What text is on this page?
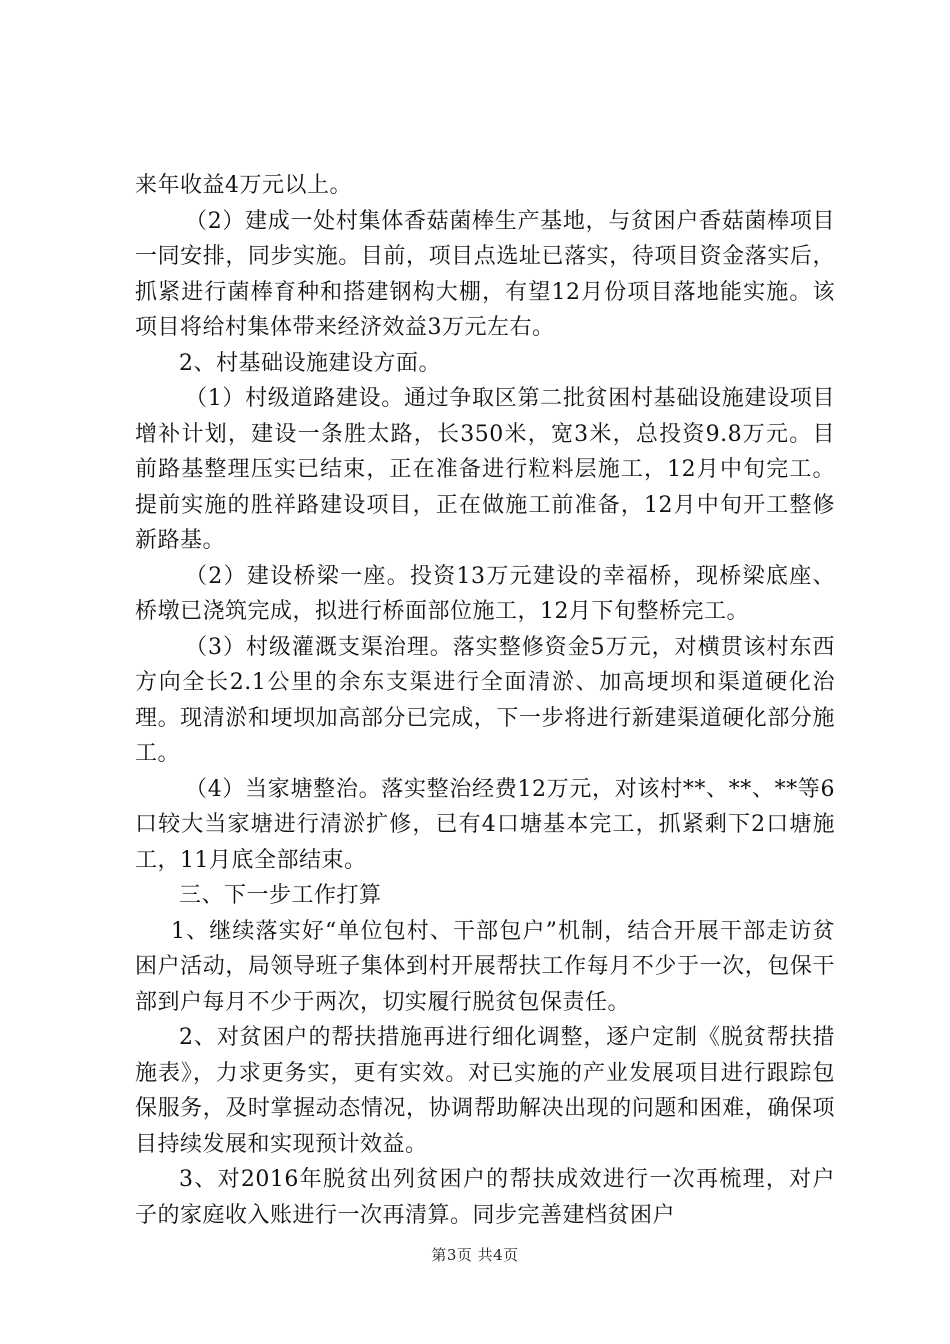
来年收益4万元以上。

（2）建成一处村集体香菇菌棒生产基地，与贫困户香菇菌棒项目一同安排，同步实施。目前，项目点选址已落实，待项目资金落实后，抓紧进行菌棒育种和搭建钢构大棚，有望12月份项目落地能实施。该项目将给村集体带来经济效益3万元左右。

2、村基础设施建设方面。

（1）村级道路建设。通过争取区第二批贫困村基础设施建设项目增补计划，建设一条胜太路，长350米，宽3米，总投资9.8万元。目前路基整理压实已结束，正在准备进行粒料层施工，12月中旬完工。提前实施的胜祥路建设项目，正在做施工前准备，12月中旬开工整修新路基。

（2）建设桥梁一座。投资13万元建设的幸福桥，现桥梁底座、桥墩已浇筑完成，拟进行桥面部位施工，12月下旬整桥完工。

（3）村级灌溉支渠治理。落实整修资金5万元，对横贯该村东西方向全长2.1公里的余东支渠进行全面清淤、加高埂坝和渠道硬化治理。现清淤和埂坝加高部分已完成，下一步将进行新建渠道硬化部分施工。

（4）当家塘整治。落实整治经费12万元，对该村**、**、**等6口较大当家塘进行清淤扩修，已有4口塘基本完工，抓紧剩下2口塘施工，11月底全部结束。

三、下一步工作打算

1、继续落实好“单位包村、干部包户”机制，结合开展干部走访贫困户活动，局领导班子集体到村开展帮扶工作每月不少于一次，包保干部到户每月不少于两次，切实履行脱贫包保责任。

2、对贫困户的帮扶措施再进行细化调整，逐户定制《脱贫帮扶措施表》，力求更务实，更有实效。对已实施的产业发展项目进行跟踪包保服务，及时掌握动态情况，协调帮助解决出现的问题和困难，确保项目持续发展和实现预计效益。

3、对2016年脱贫出列贫困户的帮扶成效进行一次再梳理，对户子的家庭收入账进行一次再清算。同步完善建档贫困户

第3页 共4页
